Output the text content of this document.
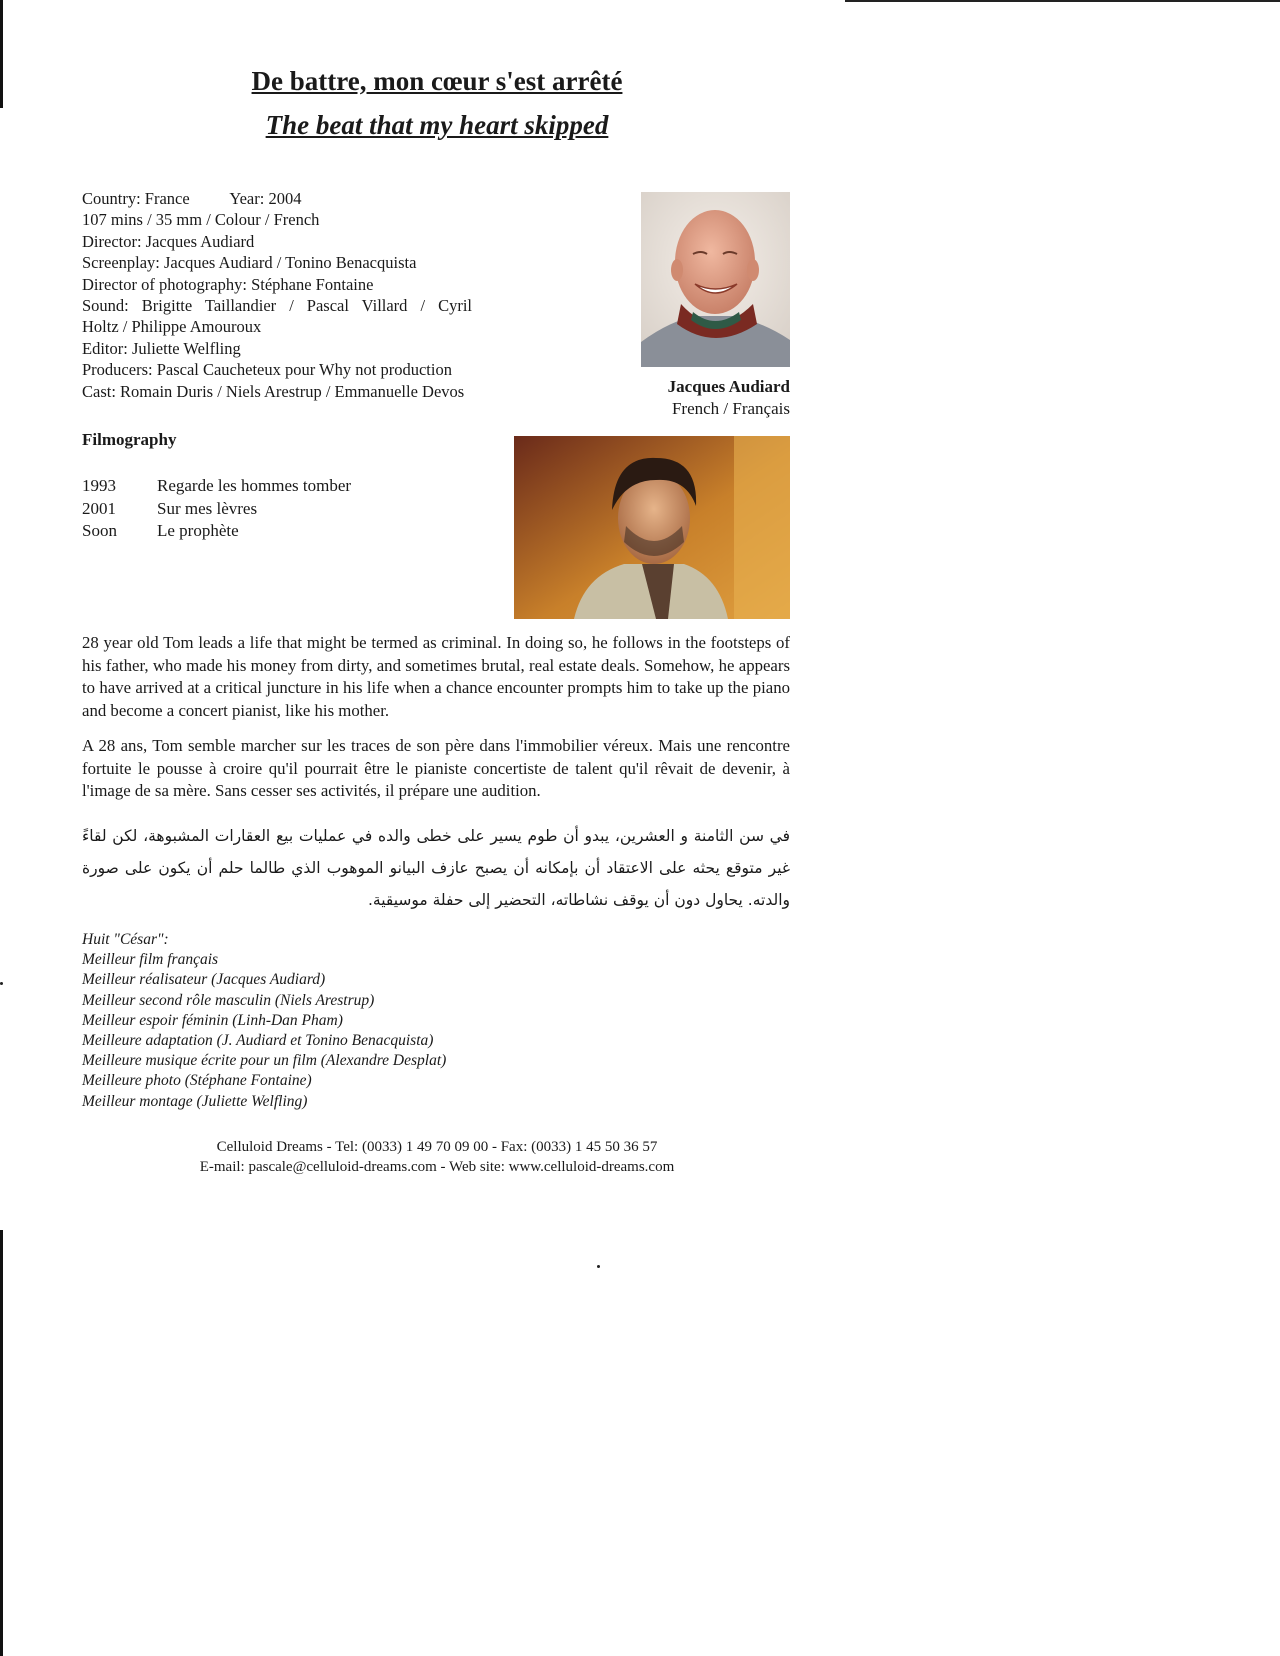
De battre, mon cœur s'est arrêté
The beat that my heart skipped
Country: France Year: 2004
107 mins / 35 mm / Colour / French
Director: Jacques Audiard
Screenplay: Jacques Audiard / Tonino Benacquista
Director of photography: Stéphane Fontaine
Sound: Brigitte Taillandier / Pascal Villard / Cyril
Holtz / Philippe Amouroux
Editor: Juliette Welfling
Producers: Pascal Caucheteux pour Why not production
Cast: Romain Duris / Niels Arestrup / Emmanuelle Devos	Jacques Audiard
French / Français
Filmography
1993	Regarde les hommes tomber
2001	Sur mes lèvres
Soon	Le prophète

28 year old Tom leads a life that might be termed as criminal. In doing so, he follows in the footsteps of his father, who made his money from dirty, and sometimes brutal, real estate deals. Somehow, he appears to have arrived at a critical juncture in his life when a chance encounter prompts him to take up the piano and become a concert pianist, like his mother.

A 28 ans, Tom semble marcher sur les traces de son père dans l'immobilier véreux. Mais une rencontre fortuite le pousse à croire qu'il pourrait être le pianiste concertiste de talent qu'il rêvait de devenir, à l'image de sa mère. Sans cesser ses activités, il prépare une audition.

في سن الثامنة و العشرين، يبدو أن طوم يسير على خطى والده في عمليات بيع العقارات المشبوهة، لكن لقاءً غير متوقع يحثه على الاعتقاد أن بإمكانه أن يصبح عازف البيانو الموهوب الذي طالما حلم أن يكون على صورة والدته. يحاول دون أن يوقف نشاطاته، التحضير إلى حفلة موسيقية.

Huit "César":
Meilleur film français
Meilleur réalisateur (Jacques Audiard)
Meilleur second rôle masculin (Niels Arestrup)
Meilleur espoir féminin (Linh-Dan Pham)
Meilleure adaptation (J. Audiard et Tonino Benacquista)
Meilleure musique écrite pour un film (Alexandre Desplat)
Meilleure photo (Stéphane Fontaine)
Meilleur montage (Juliette Welfling)
Celluloid Dreams - Tel: (0033) 1 49 70 09 00 - Fax: (0033) 1 45 50 36 57
E-mail: pascale@celluloid-dreams.com - Web site: www.celluloid-dreams.com
